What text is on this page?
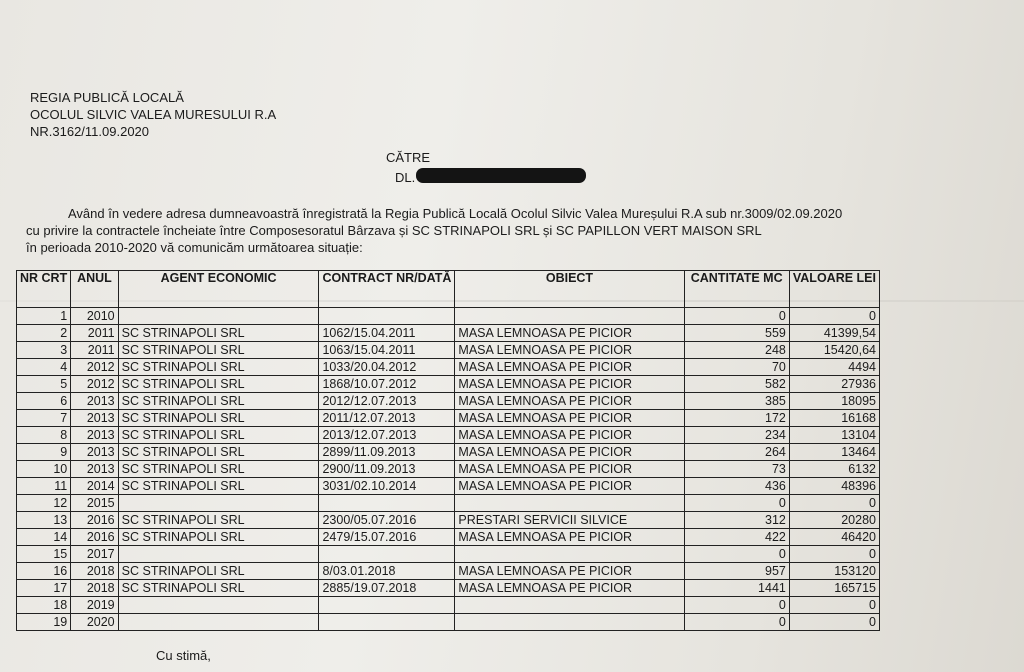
REGIA PUBLICĂ LOCALĂ
OCOLUL SILVIC VALEA MURESULUI R.A
NR.3162/11.09.2020
CĂTRE
DL.
Având în vedere adresa dumneavoastră înregistrată la Regia Publică Locală Ocolul Silvic Valea Mureșului R.A sub nr.3009/02.09.2020
cu privire la contractele încheiate între Composesoratul Bârzava și SC STRINAPOLI SRL și SC PAPILLON VERT MAISON SRL
în perioada 2010-2020 vă comunicăm următoarea situație:
NR CRT	ANUL	AGENT ECONOMIC	CONTRACT NR/DATĂ	OBIECT	CANTITATE MC	VALOARE LEI
1	2010				0	0
2	2011	SC STRINAPOLI SRL	1062/15.04.2011	MASA LEMNOASA PE PICIOR	559	41399,54
3	2011	SC STRINAPOLI SRL	1063/15.04.2011	MASA LEMNOASA PE PICIOR	248	15420,64
4	2012	SC STRINAPOLI SRL	1033/20.04.2012	MASA LEMNOASA PE PICIOR	70	4494
5	2012	SC STRINAPOLI SRL	1868/10.07.2012	MASA LEMNOASA PE PICIOR	582	27936
6	2013	SC STRINAPOLI SRL	2012/12.07.2013	MASA LEMNOASA PE PICIOR	385	18095
7	2013	SC STRINAPOLI SRL	2011/12.07.2013	MASA LEMNOASA PE PICIOR	172	16168
8	2013	SC STRINAPOLI SRL	2013/12.07.2013	MASA LEMNOASA PE PICIOR	234	13104
9	2013	SC STRINAPOLI SRL	2899/11.09.2013	MASA LEMNOASA PE PICIOR	264	13464
10	2013	SC STRINAPOLI SRL	2900/11.09.2013	MASA LEMNOASA PE PICIOR	73	6132
11	2014	SC STRINAPOLI SRL	3031/02.10.2014	MASA LEMNOASA PE PICIOR	436	48396
12	2015				0	0
13	2016	SC STRINAPOLI SRL	2300/05.07.2016	PRESTARI SERVICII SILVICE	312	20280
14	2016	SC STRINAPOLI SRL	2479/15.07.2016	MASA LEMNOASA PE PICIOR	422	46420
15	2017				0	0
16	2018	SC STRINAPOLI SRL	8/03.01.2018	MASA LEMNOASA PE PICIOR	957	153120
17	2018	SC STRINAPOLI SRL	2885/19.07.2018	MASA LEMNOASA PE PICIOR	1441	165715
18	2019				0	0
19	2020				0	0
Cu stimă,
